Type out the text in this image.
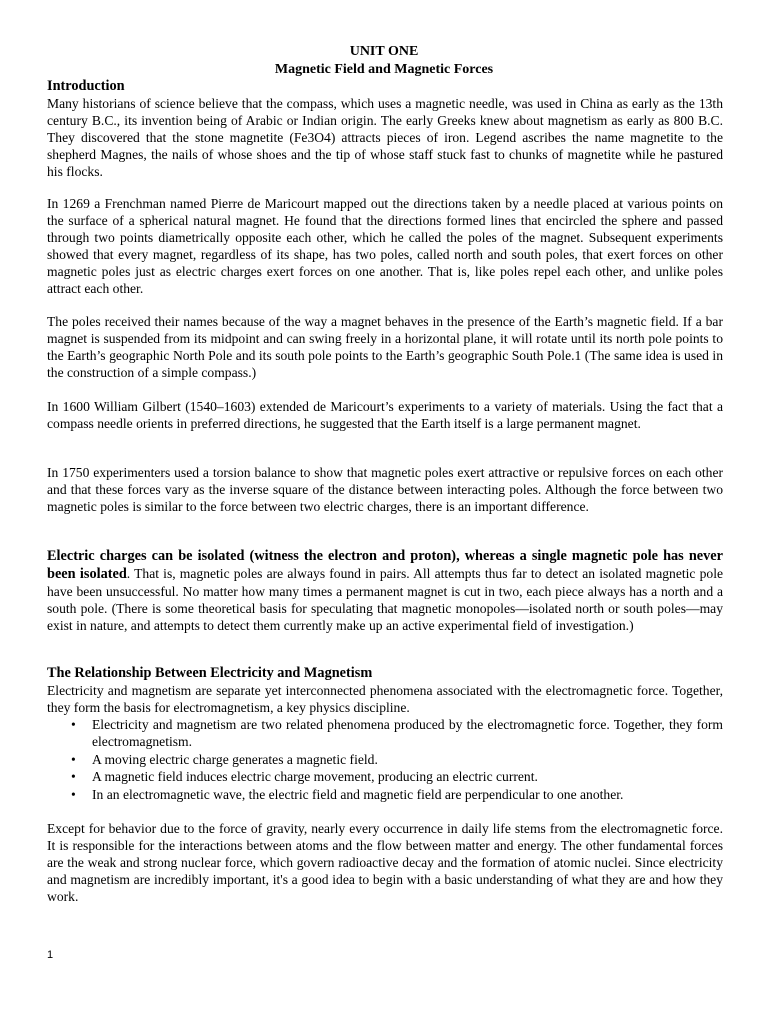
UNIT ONE
Magnetic Field and Magnetic Forces
Introduction

Many historians of science believe that the compass, which uses a magnetic needle, was used in China as early as the 13th century B.C., its invention being of Arabic or Indian origin. The early Greeks knew about magnetism as early as 800 B.C. They discovered that the stone magnetite (Fe3O4) attracts pieces of iron. Legend ascribes the name magnetite to the shepherd Magnes, the nails of whose shoes and the tip of whose staff stuck fast to chunks of magnetite while he pastured his flocks.

In 1269 a Frenchman named Pierre de Maricourt mapped out the directions taken by a needle placed at various points on the surface of a spherical natural magnet. He found that the directions formed lines that encircled the sphere and passed through two points diametrically opposite each other, which he called the poles of the magnet. Subsequent experiments showed that every magnet, regardless of its shape, has two poles, called north and south poles, that exert forces on other magnetic poles just as electric charges exert forces on one another. That is, like poles repel each other, and unlike poles attract each other.

The poles received their names because of the way a magnet behaves in the presence of the Earth’s magnetic field. If a bar magnet is suspended from its midpoint and can swing freely in a horizontal plane, it will rotate until its north pole points to the Earth’s geographic North Pole and its south pole points to the Earth’s geographic South Pole.1 (The same idea is used in the construction of a simple compass.)

In 1600 William Gilbert (1540–1603) extended de Maricourt’s experiments to a variety of materials. Using the fact that a compass needle orients in preferred directions, he suggested that the Earth itself is a large permanent magnet.

In 1750 experimenters used a torsion balance to show that magnetic poles exert attractive or repulsive forces on each other and that these forces vary as the inverse square of the distance between interacting poles. Although the force between two magnetic poles is similar to the force between two electric charges, there is an important difference.

Electric charges can be isolated (witness the electron and proton), whereas a single magnetic pole has never been isolated. That is, magnetic poles are always found in pairs. All attempts thus far to detect an isolated magnetic pole have been unsuccessful. No matter how many times a permanent magnet is cut in two, each piece always has a north and a south pole. (There is some theoretical basis for speculating that magnetic monopoles—isolated north or south poles—may exist in nature, and attempts to detect them currently make up an active experimental field of investigation.)

The Relationship Between Electricity and Magnetism

Electricity and magnetism are separate yet interconnected phenomena associated with the electromagnetic force. Together, they form the basis for electromagnetism, a key physics discipline.

• Electricity and magnetism are two related phenomena produced by the electromagnetic force. Together, they form electromagnetism.
• A moving electric charge generates a magnetic field.
• A magnetic field induces electric charge movement, producing an electric current.
• In an electromagnetic wave, the electric field and magnetic field are perpendicular to one another.

Except for behavior due to the force of gravity, nearly every occurrence in daily life stems from the electromagnetic force. It is responsible for the interactions between atoms and the flow between matter and energy. The other fundamental forces are the weak and strong nuclear force, which govern radioactive decay and the formation of atomic nuclei. Since electricity and magnetism are incredibly important, it's a good idea to begin with a basic understanding of what they are and how they work.

1
